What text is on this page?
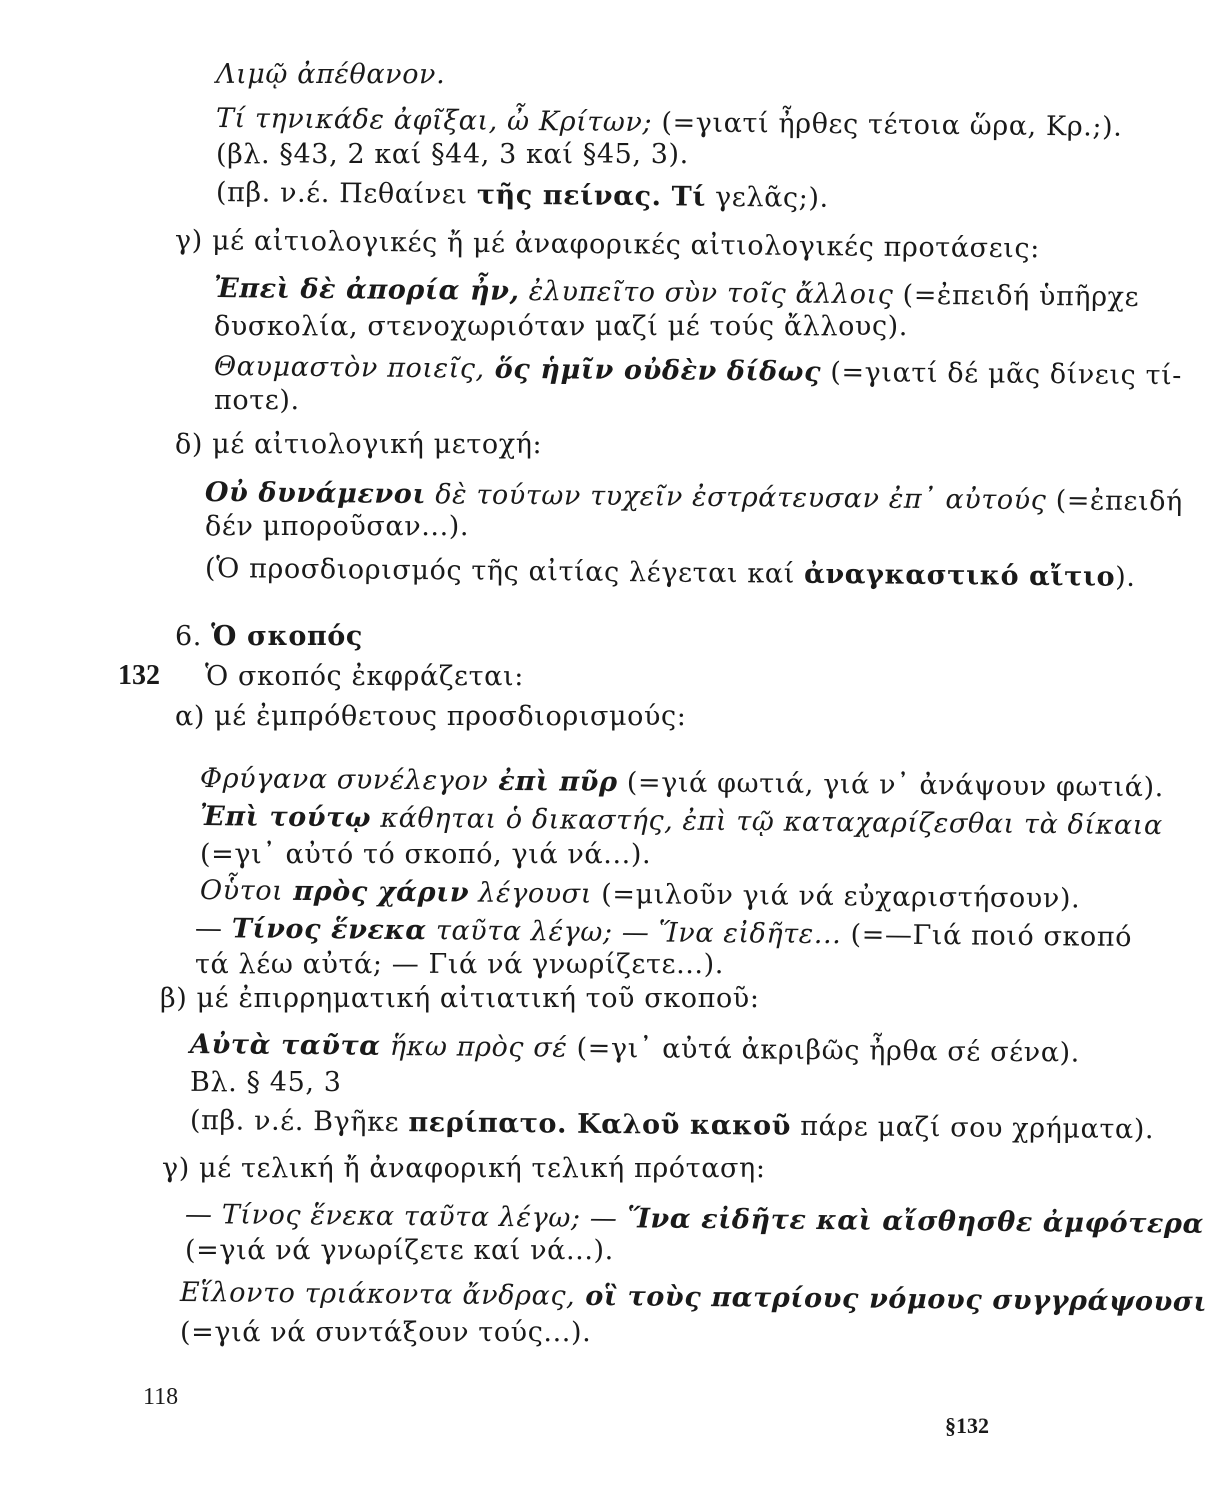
132
Λιμῷ ἀπέθανον.
Τί τηνικάδε ἀφῖξαι, ὦ Κρίτων; (=γιατί ἦρθες τέτοια ὥρα, Κρ.;).
(βλ. §43, 2 καί §44, 3 καί §45, 3).
(πβ. ν.έ. Πεθαίνει τῆς πείνας. Τί γελᾶς;).
γ) μέ αἰτιολογικές ἤ μέ ἀναφορικές αἰτιολογικές προτάσεις:
Ἐπεὶ δὲ ἀπορία ἦν, ἐλυπεῖτο σὺν τοῖς ἄλλοις (=ἐπειδή ὑπῆρχε
δυσκολία, στενοχωριόταν μαζί μέ τούς ἄλλους).
Θαυμαστὸν ποιεῖς, ὅς ἡμῖν οὐδὲν δίδως (=γιατί δέ μᾶς δίνεις τί-
ποτε).
δ) μέ αἰτιολογική μετοχή:
Οὐ δυνάμενοι δὲ τούτων τυχεῖν ἐστράτευσαν ἐπ᾽ αὐτούς (=ἐπειδή
δέν μποροῦσαν...).
(Ὁ προσδιορισμός τῆς αἰτίας λέγεται καί ἀναγκαστικό αἴτιο).
6. Ὁ σκοπός
Ὁ σκοπός ἐκφράζεται:
α) μέ ἐμπρόθετους προσδιορισμούς:
Φρύγανα συνέλεγον ἐπὶ πῦρ (=γιά φωτιά, γιά ν᾽ ἀνάψουν φωτιά).
Ἐπὶ τούτῳ κάθηται ὁ δικαστής, ἐπὶ τῷ καταχαρίζεσθαι τὰ δίκαια
(=γι᾽ αὐτό τό σκοπό, γιά νά...).
Οὗτοι πρὸς χάριν λέγουσι (=μιλοῦν γιά νά εὐχαριστήσουν).
— Τίνος ἕνεκα ταῦτα λέγω; — Ἵνα εἰδῆτε... (=—Γιά ποιό σκοπό
τά λέω αὐτά; — Γιά νά γνωρίζετε...).
β) μέ ἐπιρρηματική αἰτιατική τοῦ σκοποῦ:
Αὐτὰ ταῦτα ἥκω πρὸς σέ (=γι᾽ αὐτά ἀκριβῶς ἦρθα σέ σένα).
Βλ. § 45, 3
(πβ. ν.έ. Βγῆκε περίπατο. Καλοῦ κακοῦ πάρε μαζί σου χρήματα).
γ) μέ τελική ἤ ἀναφορική τελική πρόταση:
— Τίνος ἕνεκα ταῦτα λέγω; — Ἵνα εἰδῆτε καὶ αἴσθησθε ἀμφότερα
(=γιά νά γνωρίζετε καί νά...).
Εἵλοντο τριάκοντα ἄνδρας, οἳ τοὺς πατρίους νόμους συγγράψουσι
(=γιά νά συντάξουν τούς...).
118
§132
